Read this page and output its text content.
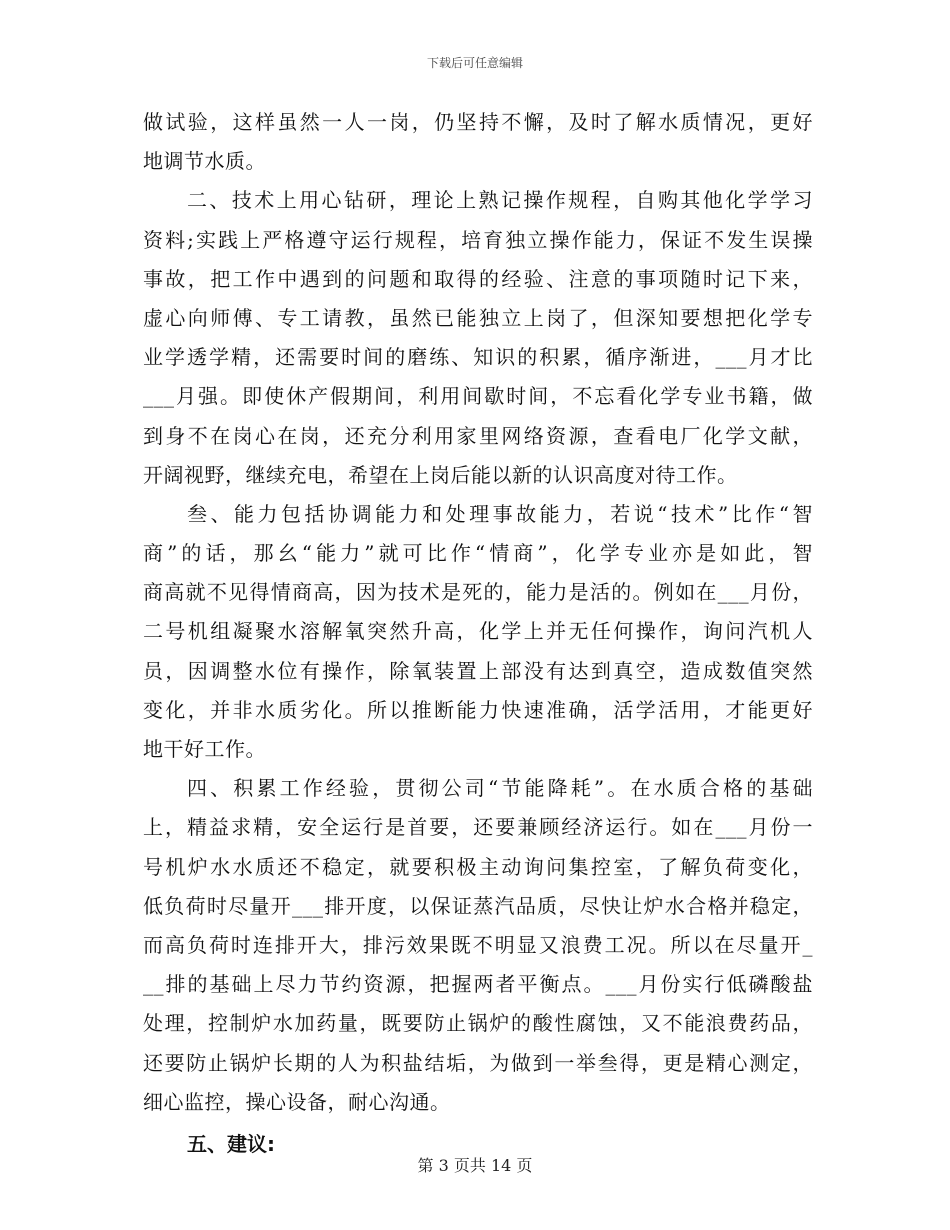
下载后可任意编辑
做试验，这样虽然一人一岗，仍坚持不懈，及时了解水质情况，更好
地调节水质。
二、技术上用心钻研，理论上熟记操作规程，自购其他化学学习
资料;实践上严格遵守运行规程，培育独立操作能力，保证不发生误操
事故，把工作中遇到的问题和取得的经验、注意的事项随时记下来，
虚心向师傅、专工请教，虽然已能独立上岗了，但深知要想把化学专
业学透学精，还需要时间的磨练、知识的积累，循序渐进，___月才比
___月强。即使休产假期间，利用间歇时间，不忘看化学专业书籍，做
到身不在岗心在岗，还充分利用家里网络资源，查看电厂化学文献，
开阔视野，继续充电，希望在上岗后能以新的认识高度对待工作。
叁、能力包括协调能力和处理事故能力，若说“技术”比作“智
商”的话，那幺“能力”就可比作“情商”，化学专业亦是如此，智
商高就不见得情商高，因为技术是死的，能力是活的。例如在___月份，
二号机组凝聚水溶解氧突然升高，化学上并无任何操作，询问汽机人
员，因调整水位有操作，除氧装置上部没有达到真空，造成数值突然
变化，并非水质劣化。所以推断能力快速准确，活学活用，才能更好
地干好工作。
四、积累工作经验，贯彻公司“节能降耗”。在水质合格的基础
上，精益求精，安全运行是首要，还要兼顾经济运行。如在___月份一
号机炉水水质还不稳定，就要积极主动询问集控室，了解负荷变化，
低负荷时尽量开___排开度，以保证蒸汽品质，尽快让炉水合格并稳定，
而高负荷时连排开大，排污效果既不明显又浪费工况。所以在尽量开_
__排的基础上尽力节约资源，把握两者平衡点。___月份实行低磷酸盐
处理，控制炉水加药量，既要防止锅炉的酸性腐蚀，又不能浪费药品，
还要防止锅炉长期的人为积盐结垢，为做到一举叁得，更是精心测定，
细心监控，操心设备，耐心沟通。
五、建议:
第 3 页共 14 页
